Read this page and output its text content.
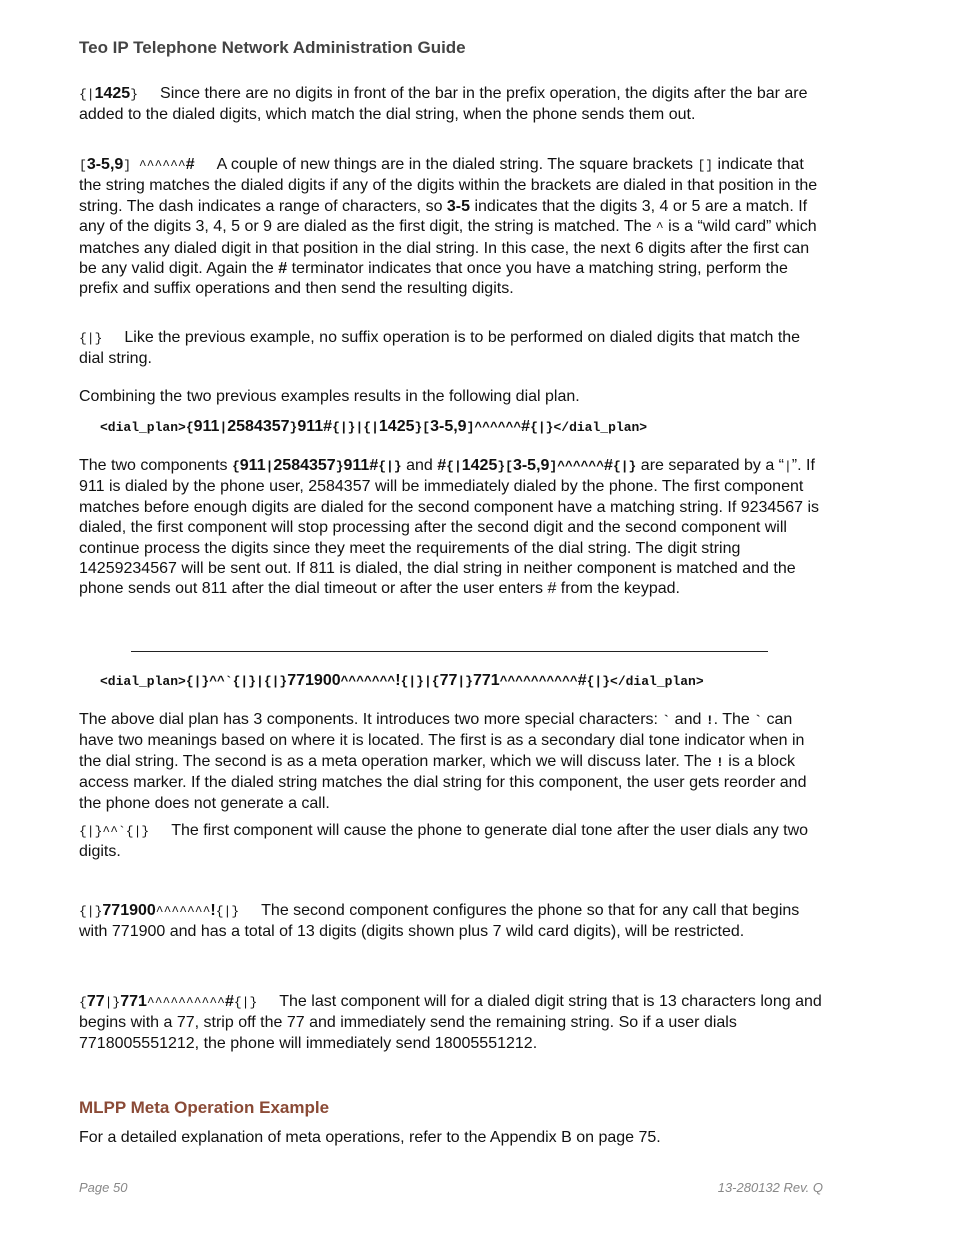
Teo IP Telephone Network Administration Guide

{|1425} Since there are no digits in front of the bar in the prefix operation, the digits after the bar are added to the dialed digits, which match the dial string, when the phone sends them out.

[3-5,9] ^^^^^^# A couple of new things are in the dialed string. The square brackets [] indicate that the string matches the dialed digits if any of the digits within the brackets are dialed in that position in the string. The dash indicates a range of characters, so 3-5 indicates that the digits 3, 4 or 5 are a match. If any of the digits 3, 4, 5 or 9 are dialed as the first digit, the string is matched. The ^ is a “wild card” which matches any dialed digit in that position in the dial string. In this case, the next 6 digits after the first can be any valid digit. Again the # terminator indicates that once you have a matching string, perform the prefix and suffix operations and then send the resulting digits.

{|} Like the previous example, no suffix operation is to be performed on dialed digits that match the dial string.

Combining the two previous examples results in the following dial plan.

<dial_plan>{911|2584357}911#{|}|{|1425}[3-5,9]^^^^^^#{|}</dial_plan>

The two components {911|2584357}911#{|} and #{|1425}[3-5,9]^^^^^^#{|} are separated by a “|”. If 911 is dialed by the phone user, 2584357 will be immediately dialed by the phone. The first component matches before enough digits are dialed for the second component have a matching string. If 9234567 is dialed, the first component will stop processing after the second digit and the second component will continue process the digits since they meet the requirements of the dial string. The digit string 14259234567 will be sent out. If 811 is dialed, the dial string in neither component is matched and the phone sends out 811 after the dial timeout or after the user enters # from the keypad.

<dial_plan>{|}^^`{|}|{|}771900^^^^^^^!{|}|{77|}771^^^^^^^^^^#{|}</dial_plan>

The above dial plan has 3 components. It introduces two more special characters: ` and !. The ` can have two meanings based on where it is located. The first is as a secondary dial tone indicator when in the dial string. The second is as a meta operation marker, which we will discuss later. The ! is a block access marker. If the dialed string matches the dial string for this component, the user gets reorder and the phone does not generate a call.

{|}^^`{|} The first component will cause the phone to generate dial tone after the user dials any two digits.

{|}771900^^^^^^^!{|} The second component configures the phone so that for any call that begins with 771900 and has a total of 13 digits (digits shown plus 7 wild card digits), will be restricted.

{77|}771^^^^^^^^^^#{|} The last component will for a dialed digit string that is 13 characters long and begins with a 77, strip off the 77 and immediately send the remaining string. So if a user dials 7718005551212, the phone will immediately send 18005551212.

MLPP Meta Operation Example

For a detailed explanation of meta operations, refer to the Appendix B on page 75.

Page 50	13-280132 Rev. Q
